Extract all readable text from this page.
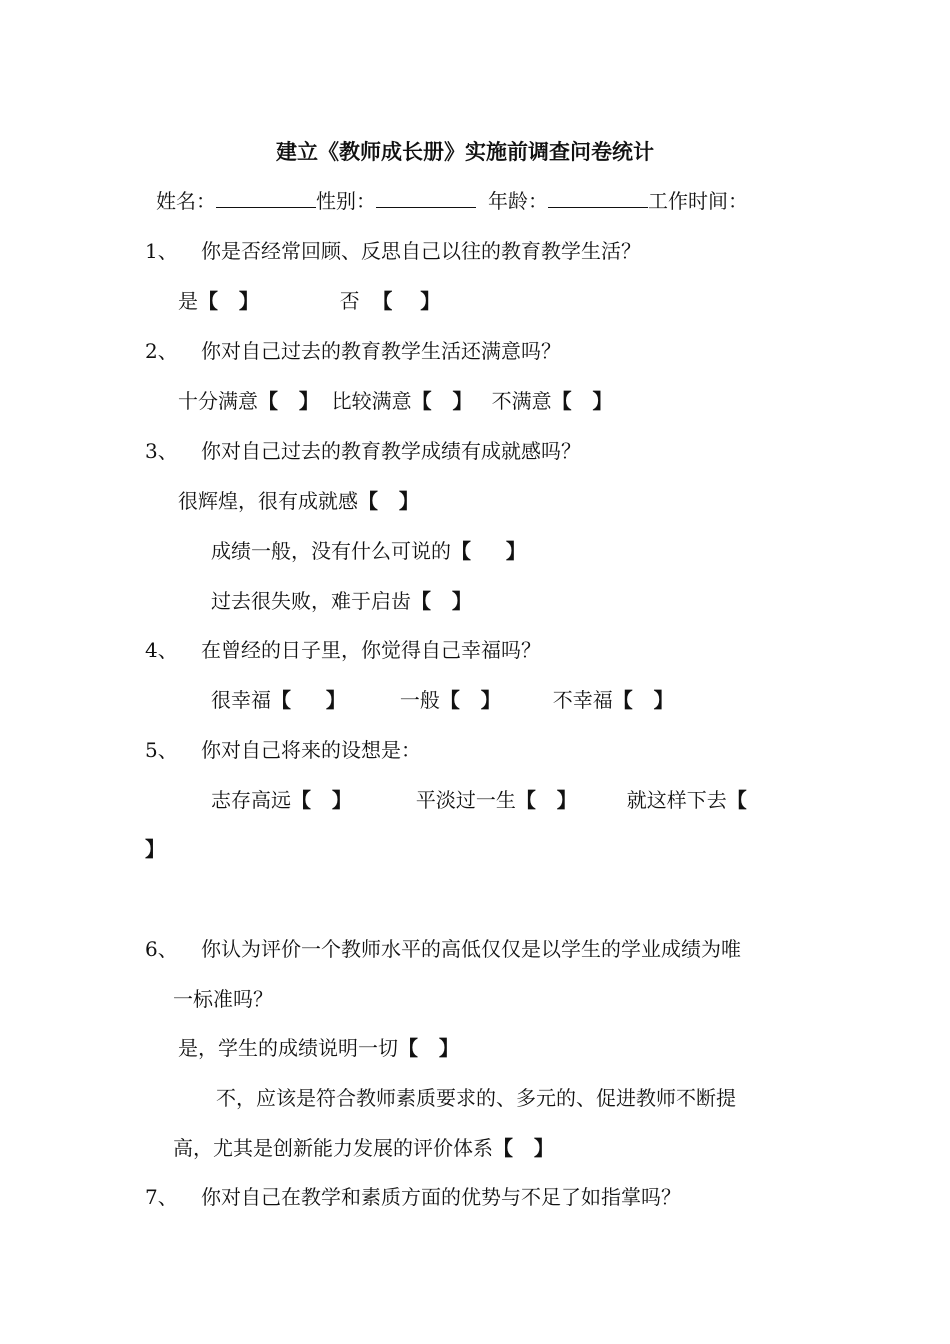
建立《教师成长册》实施前调查问卷统计
姓名：	性别：	年龄：	工作时间：
1、 你是否经常回顾、反思自己以往的教育教学生活？
是【 】	否 【 】
2、 你对自己过去的教育教学生活还满意吗？
十分满意【 】 比较满意【 】 不满意【 】
3、 你对自己过去的教育教学成绩有成就感吗？
很辉煌，很有成就感【 】
成绩一般，没有什么可说的【 】
过去很失败，难于启齿【 】
4、 在曾经的日子里，你觉得自己幸福吗？
很幸福【 】	一般【 】	不幸福【 】
5、 你对自己将来的设想是：
志存高远【 】	平淡过一生【 】	就这样下去【
】
6、 你认为评价一个教师水平的高低仅仅是以学生的学业成绩为唯
一标准吗？
是，学生的成绩说明一切【 】
不，应该是符合教师素质要求的、多元的、促进教师不断提
高，尤其是创新能力发展的评价体系【 】
7、 你对自己在教学和素质方面的优势与不足了如指掌吗？
